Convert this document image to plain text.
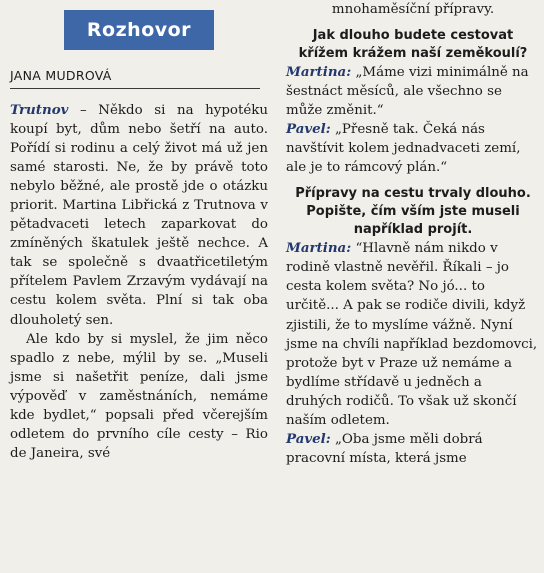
Rozhovor
JANA MUDROVÁ

Trutnov – Někdo si na hypotéku koupí byt, dům nebo šetří na auto. Pořídí si rodinu a celý život má už jen samé starosti. Ne, že by právě toto nebylo běžné, ale prostě jde o otázku priorit. Martina Libřická z Trutnova v pětadvaceti letech zaparkovat do zmíněných škatulek ještě nechce. A tak se společně s dvaatřicetiletým přítelem Pavlem Zrzavým vydávají na cestu kolem světa. Plní si tak oba dlouholetý sen.

Ale kdo by si myslel, že jim něco spadlo z nebe, mýlil by se. „Museli jsme si našetřit peníze, dali jsme výpověď v zaměstnáních, nemáme kde bydlet,“ popsali před včerejším odletem do prvního cíle cesty – Rio de Janeira, své

mnohaměsíční přípravy.

Jak dlouho budete cestovat křížem krážem naší zeměkoulí?

Martina: „Máme vizi minimálně na šestnáct měsíců, ale všechno se může změnit.“

Pavel: „Přesně tak. Čeká nás navštívit kolem jednadvaceti zemí, ale je to rámcový plán.“

Přípravy na cestu trvaly dlouho. Popište, čím vším jste museli například projít.

Martina: “Hlavně nám nikdo v rodině vlastně nevěřil. Říkali – jo cesta kolem světa? No jó... to určitě... A pak se rodiče divili, když zjistili, že to myslíme vážně. Nyní jsme na chvíli například bezdomovci, protože byt v Praze už nemáme a bydlíme střídavě u jedněch a druhých rodičů. To však už skončí naším odletem.

Pavel: „Oba jsme měli dobrá pracovní místa, která jsme
